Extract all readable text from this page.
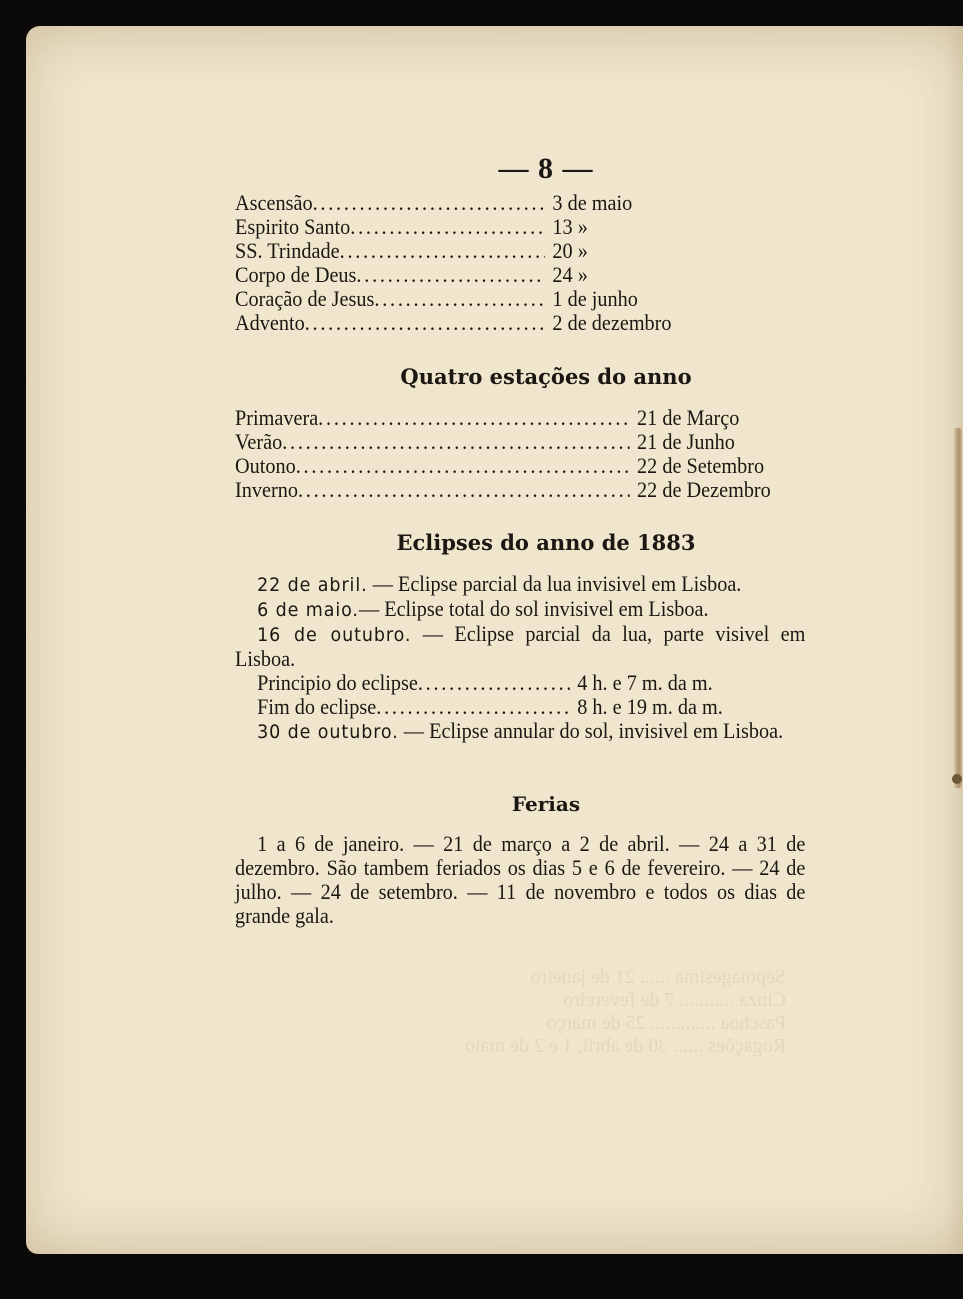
Septuagesima ...... 21 de janeiro
Cinza ........... 7 de fevereiro
Paschoa ............. 25 de março
Rogações ...... 30 de abril, 1 e 2 de maio
— 8 —
Ascensão .....	3 de maio
Espirito Santo .....	13 »
SS. Trindade .....	20 »
Corpo de Deus .....	24 »
Coração de Jesus .....	1 de junho
Advento .....	2 de dezembro
Quatro estações do anno
Primavera .....	21 de Março
Verão .....	21 de Junho
Outono .....	22 de Setembro
Inverno .....	22 de Dezembro
Eclipses do anno de 1883
22 de abril. — Eclipse parcial da lua invisivel em Lisboa.
6 de maio.— Eclipse total do sol invisivel em Lisboa.
16 de outubro. — Eclipse parcial da lua, parte visivel em Lisboa.
Principio do eclipse .....	4 h. e 7 m. da m.
Fim do eclipse .....	8 h. e 19 m. da m.
30 de outubro. — Eclipse annular do sol, invisivel em Lisboa.
Ferias
1 a 6 de janeiro. — 21 de março a 2 de abril. — 24 a 31 de dezembro. São tambem feriados os dias 5 e 6 de fevereiro. — 24 de julho. — 24 de setembro. — 11 de novembro e todos os dias de grande gala.
